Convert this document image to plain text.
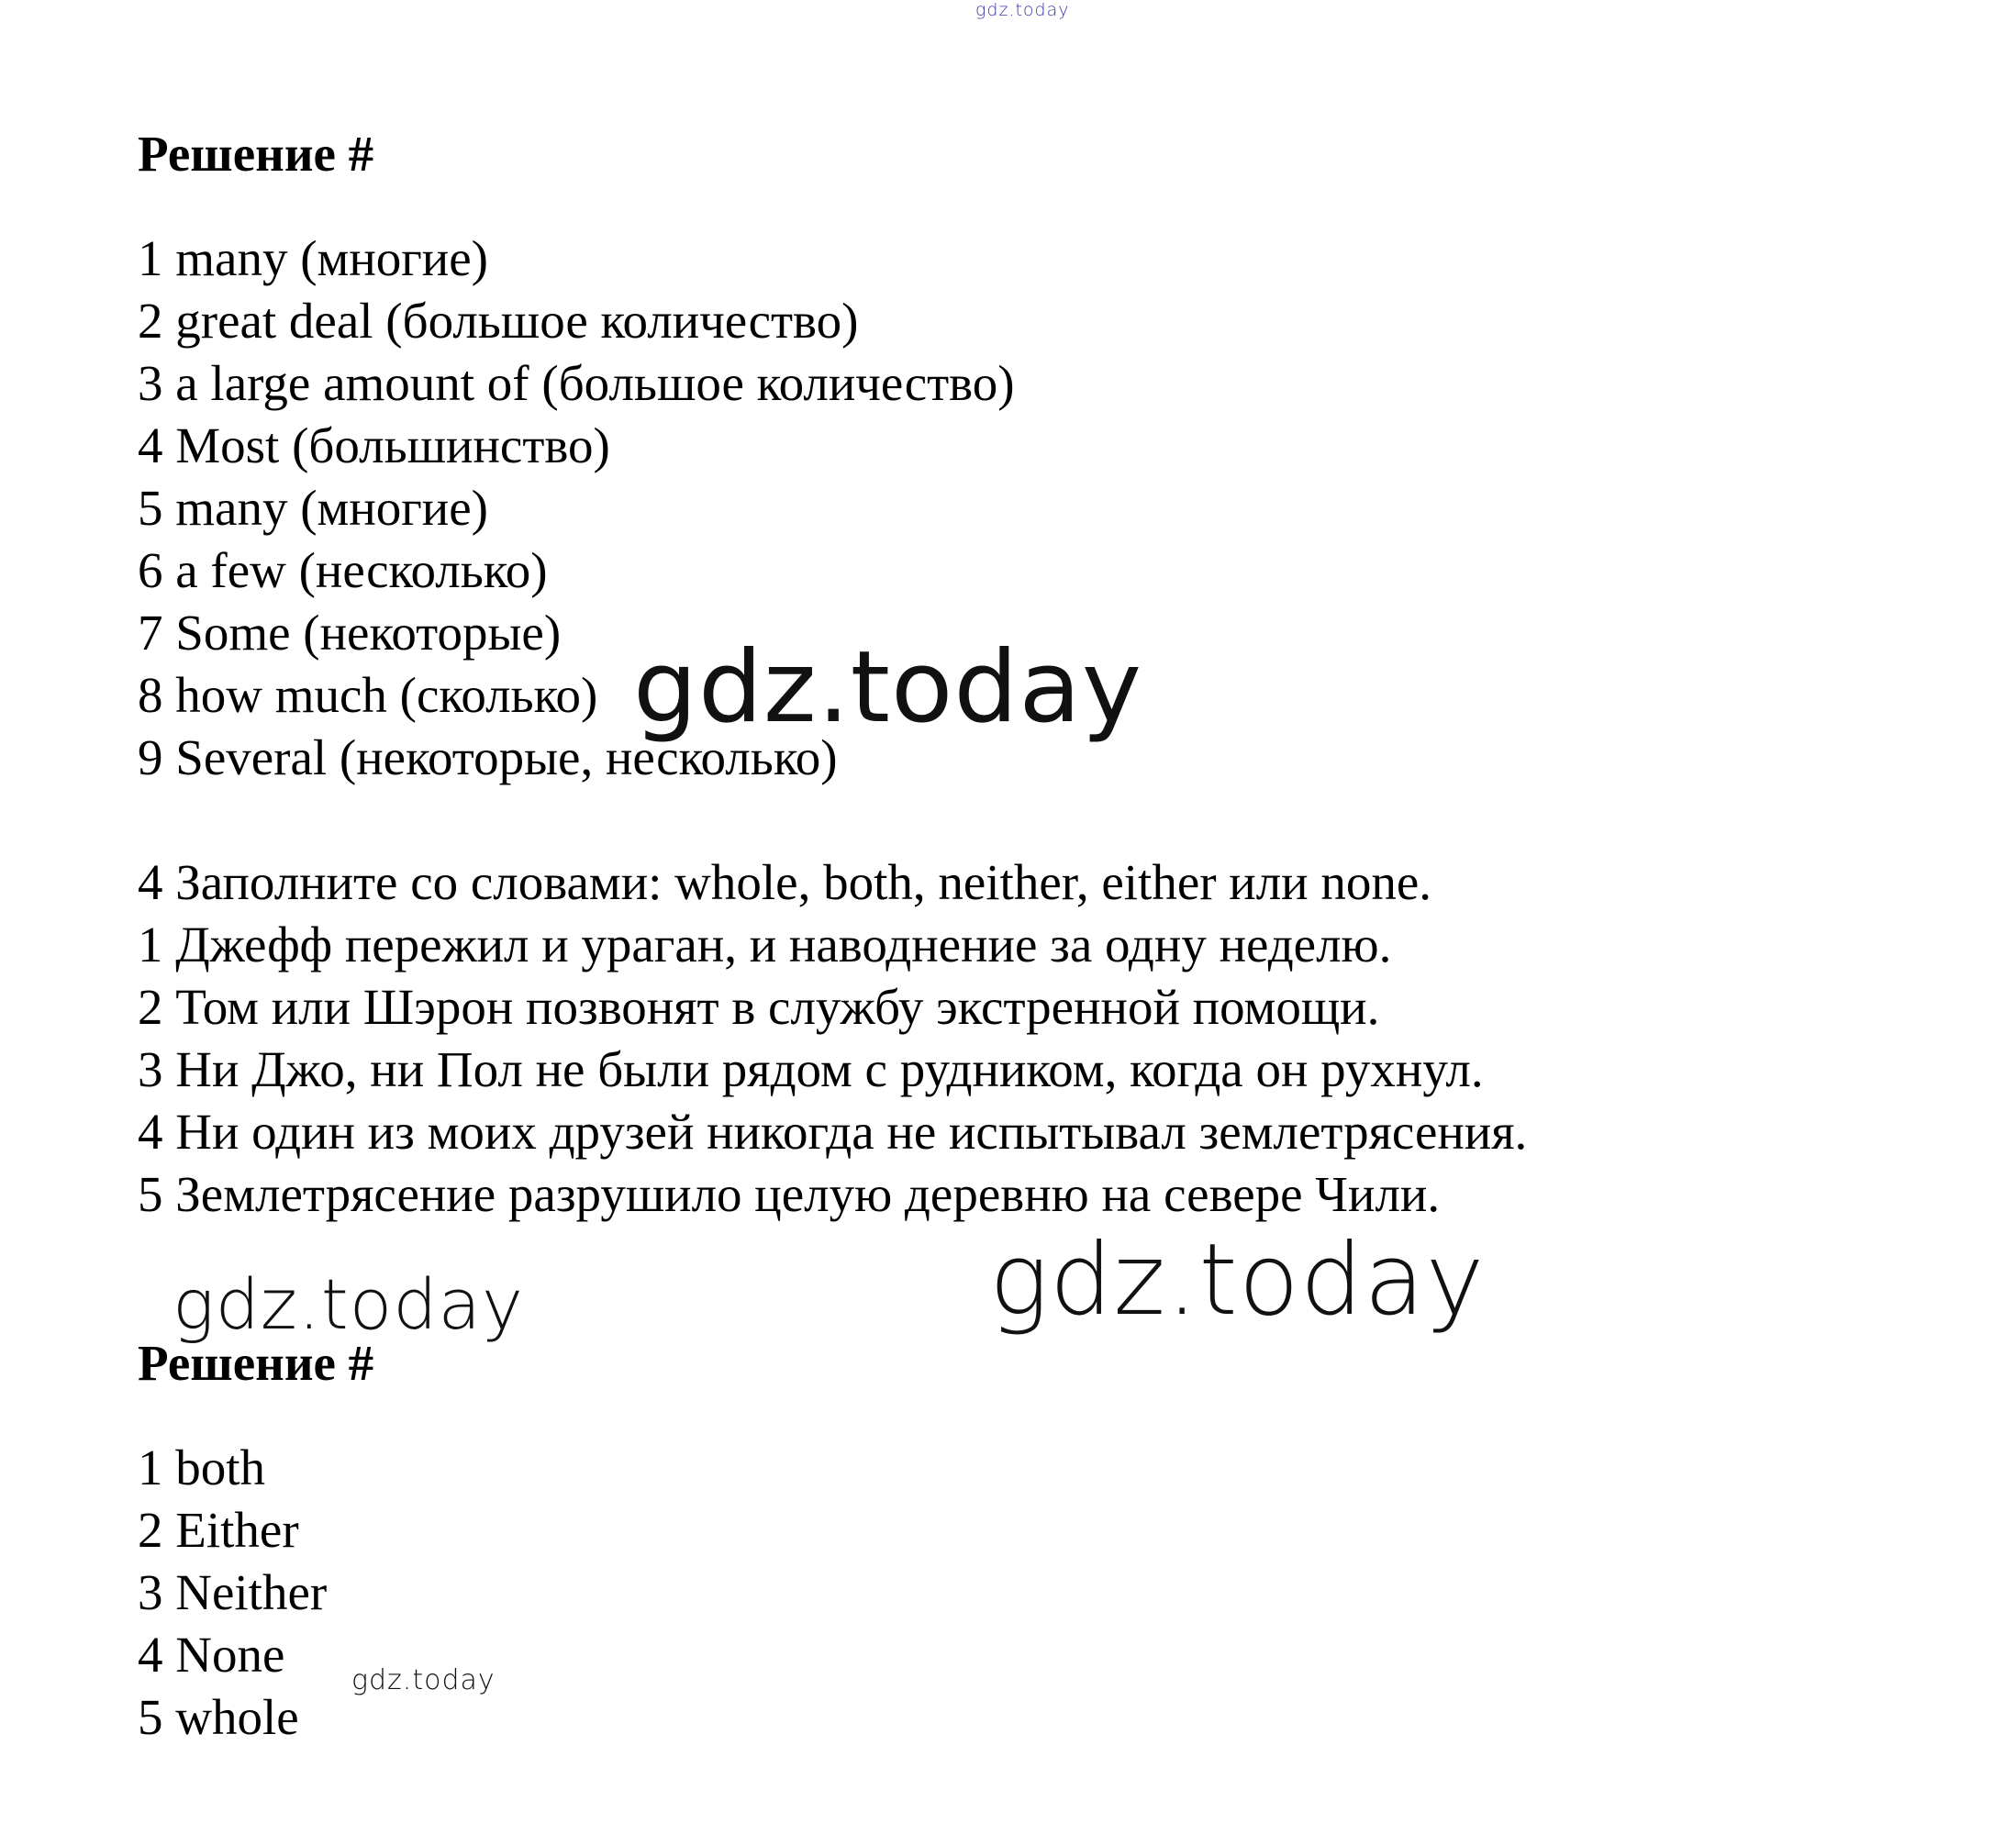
gdz.today
Решение #
1 many (многие)
2 great deal (большое количество)
3 a large amount of (большое количество)
4 Most (большинство)
5 many (многие)
6 a few (несколько)
7 Some (некоторые)
8 how much (сколько)
9 Several (некоторые, несколько)
gdz.today
4 Заполните со словами: whole, both, neither, either или none.
1 Джефф пережил и ураган, и наводнение за одну неделю.
2 Том или Шэрон позвонят в службу экстренной помощи.
3 Ни Джо, ни Пол не были рядом с рудником, когда он рухнул.
4 Ни один из моих друзей никогда не испытывал землетрясения.
5 Землетрясение разрушило целую деревню на севере Чили.
gdz.today	gdz.today
Решение #
1 both
2 Either
3 Neither
4 None
5 whole
gdz.today
